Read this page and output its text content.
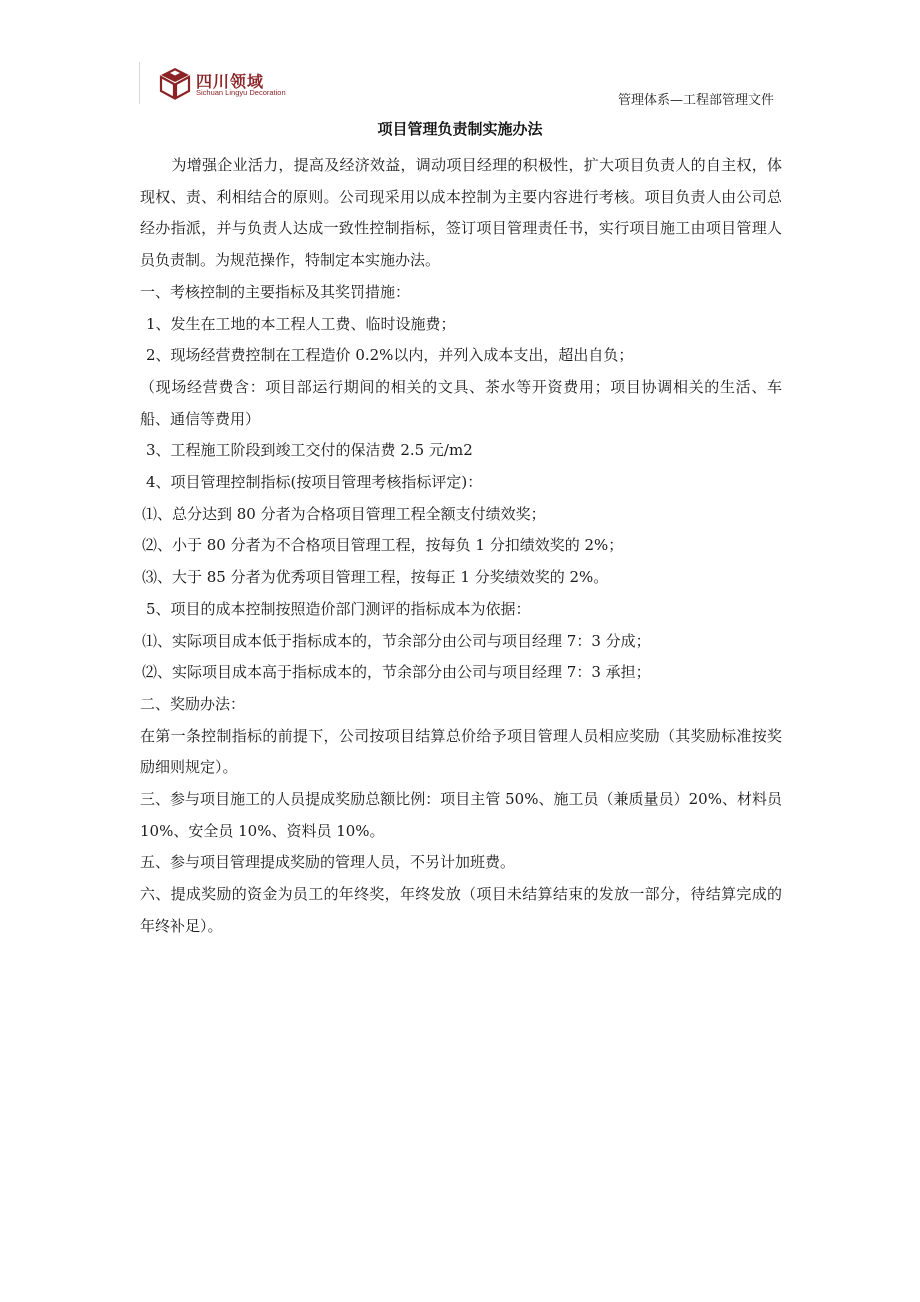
四川领域
Sichuan Lingyu Decoration
管理体系—工程部管理文件
项目管理负责制实施办法

为增强企业活力，提高及经济效益，调动项目经理的积极性，扩大项目负责人的自主权，体现权、责、利相结合的原则。公司现采用以成本控制为主要内容进行考核。项目负责人由公司总经办指派，并与负责人达成一致性控制指标，签订项目管理责任书，实行项目施工由项目管理人员负责制。为规范操作，特制定本实施办法。

一、考核控制的主要指标及其奖罚措施：

1、发生在工地的本工程人工费、临时设施费；

2、现场经营费控制在工程造价 0.2%以内，并列入成本支出，超出自负；

（现场经营费含：项目部运行期间的相关的文具、茶水等开资费用；项目协调相关的生活、车船、通信等费用）

3、工程施工阶段到竣工交付的保洁费 2.5 元/m2

4、项目管理控制指标(按项目管理考核指标评定)：

⑴、总分达到 80 分者为合格项目管理工程全额支付绩效奖；

⑵、小于 80 分者为不合格项目管理工程，按每负 1 分扣绩效奖的 2%；

⑶、大于 85 分者为优秀项目管理工程，按每正 1 分奖绩效奖的 2%。

5、项目的成本控制按照造价部门测评的指标成本为依据：

⑴、实际项目成本低于指标成本的，节余部分由公司与项目经理 7：3 分成；

⑵、实际项目成本高于指标成本的，节余部分由公司与项目经理 7：3 承担；

二、奖励办法：

在第一条控制指标的前提下，公司按项目结算总价给予项目管理人员相应奖励（其奖励标准按奖励细则规定）。

三、参与项目施工的人员提成奖励总额比例：项目主管 50%、施工员（兼质量员）20%、材料员 10%、安全员 10%、资料员 10%。

五、参与项目管理提成奖励的管理人员，不另计加班费。

六、提成奖励的资金为员工的年终奖，年终发放（项目未结算结束的发放一部分，待结算完成的年终补足）。
